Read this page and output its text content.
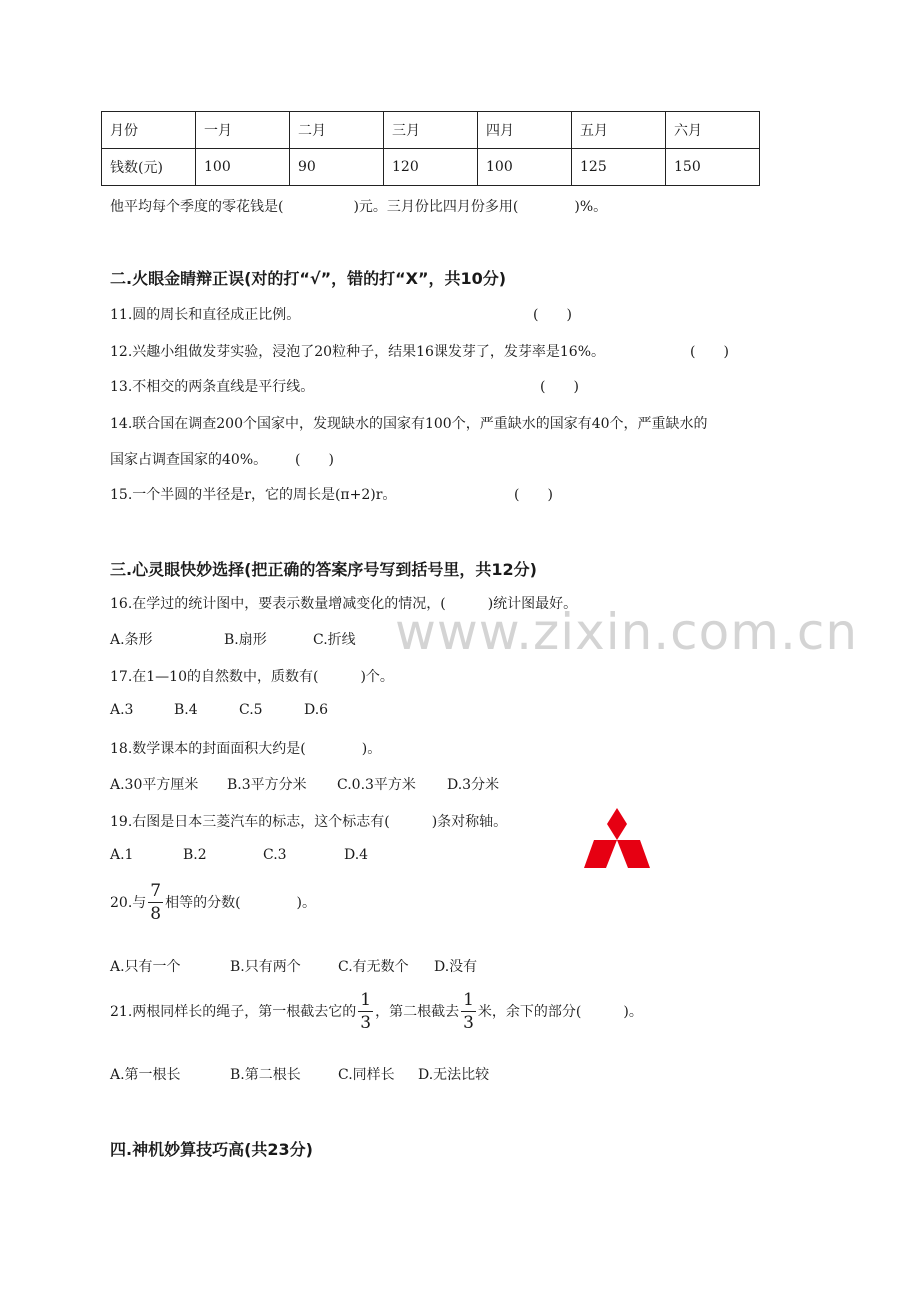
www.zixin.com.cn
月份	一月	二月	三月	四月	五月	六月
钱数(元)	100	90	120	100	125	150
他平均每个季度的零花钱是(　　　　　)元。三月份比四月份多用(　　　　)%。
二.火眼金睛辩正误(对的打“√”，错的打“X”，共10分)
11.圆的周长和直径成正比例。	(　　)
12.兴趣小组做发芽实验，浸泡了20粒种子，结果16课发芽了，发芽率是16%。	(　　)
13.不相交的两条直线是平行线。	(　　)
14.联合国在调查200个国家中，发现缺水的国家有100个，严重缺水的国家有40个，严重缺水的
国家占调查国家的40%。 (　　)
15.一个半圆的半径是r，它的周长是(π+2)r。	(　　)
三.心灵眼快妙选择(把正确的答案序号写到括号里，共12分)
16.在学过的统计图中，要表示数量增减变化的情况，(　　　)统计图最好。
A.条形	B.扇形	C.折线
17.在1—10的自然数中，质数有(　　　)个。
A.3	B.4	C.5	D.6
18.数学课本的封面面积大约是(　　　　)。
A.30平方厘米 B.3平方分米 C.0.3平方米 D.3分米
19.右图是日本三菱汽车的标志，这个标志有(　　　)条对称轴。
A.1	B.2	C.3	D.4
20.与 $\frac{7}{8}$ 相等的分数(　　　　)。
A.只有一个	B.只有两个	C.有无数个 D.没有
21.两根同样长的绳子，第一根截去它的 $\frac{1}{3}$ ，第二根截去 $\frac{1}{3}$ 米，余下的部分(　　　)。
A.第一根长	B.第二根长	C.同样长 D.无法比较
四.神机妙算技巧高(共23分)
